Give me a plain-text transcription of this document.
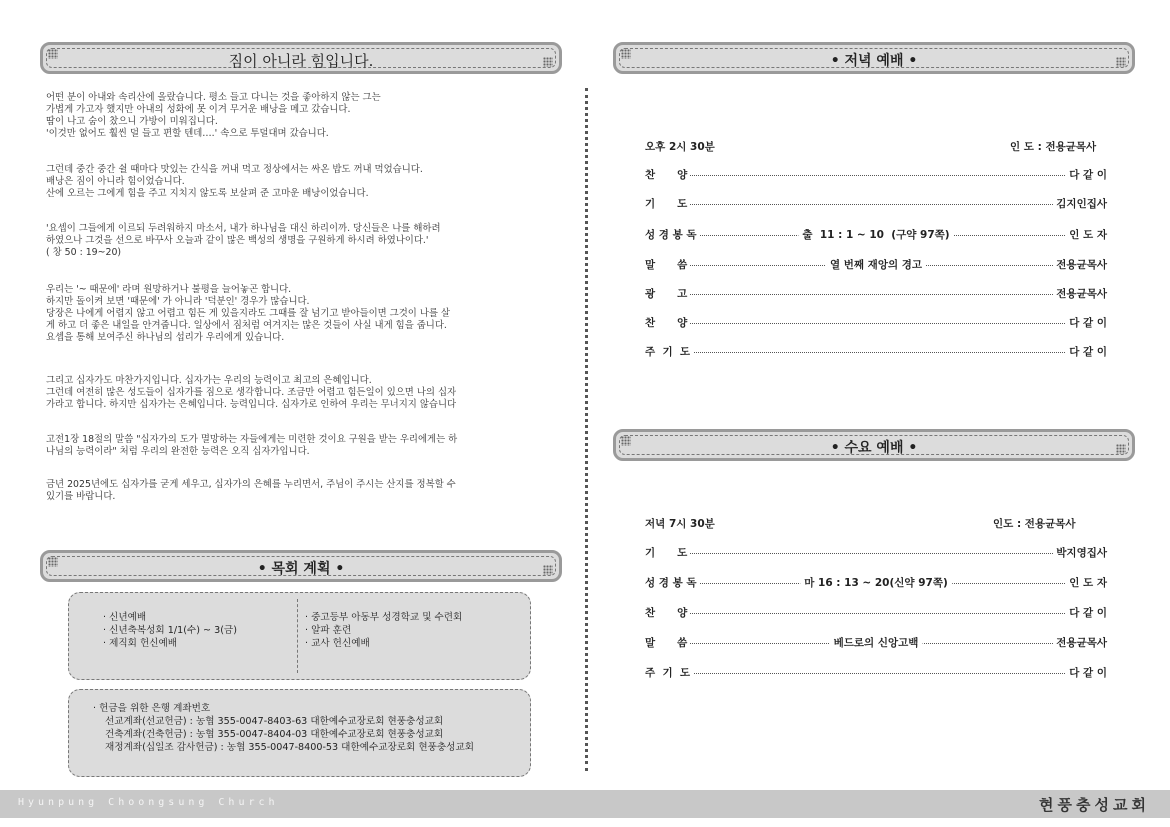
짐이 아니라 힘입니다.
어떤 분이 아내와 속리산에 올랐습니다. 평소 들고 다니는 것을 좋아하지 않는 그는
가볍게 가고자 했지만 아내의 성화에 못 이겨 무거운 배낭을 메고 갔습니다.
땀이 나고 숨이 찼으니 가방이 미워집니다.
'이것만 없어도 훨씬 덜 들고 편할 텐데….' 속으로 투덜대며 갔습니다.
그런데 중간 중간 쉴 때마다 맛있는 간식을 꺼내 먹고 정상에서는 싸온 밥도 꺼내 먹었습니다.
배낭은 짐이 아니라 힘이었습니다.
산에 오르는 그에게 힘을 주고 지치지 않도록 보살펴 준 고마운 배낭이었습니다.
'요셉이 그들에게 이르되 두려워하지 마소서, 내가 하나님을 대신 하리이까. 당신들은 나를 해하려
하였으나 그것을 선으로 바꾸사 오늘과 같이 많은 백성의 생명을 구원하게 하시려 하였나이다.'
( 창 50 : 19~20)
우리는 '~ 때문에' 라며 원망하거나 불평을 늘어놓곤 합니다.
하지만 돌이켜 보면 '때문에' 가 아니라 '덕분인' 경우가 많습니다.
당장은 나에게 어렵지 않고 어렵고 힘든 게 있을지라도 그때를 잘 넘기고 받아들이면 그것이 나를 살
게 하고 더 좋은 내일을 안겨줍니다. 일상에서 짐처럼 여겨지는 많은 것들이 사실 내게 힘을 줍니다.
요셉을 통해 보여주신 하나님의 섭리가 우리에게 있습니다.
그리고 십자가도 마찬가지입니다. 십자가는 우리의 능력이고 최고의 은혜입니다.
그런데 여전히 많은 성도들이 십자가를 짐으로 생각합니다. 조금만 어렵고 힘든일이 있으면 나의 십자
가라고 합니다. 하지만 십자가는 은혜입니다. 능력입니다. 십자가로 인하여 우리는 무너지지 않습니다
고전1장 18절의 말씀 "십자가의 도가 멸망하는 자들에게는 미련한 것이요 구원을 받는 우리에게는 하
나님의 능력이라" 처럼 우리의 완전한 능력은 오직 십자가입니다.
금년 2025년에도 십자가를 굳게 세우고, 십자가의 은혜를 누리면서, 주님이 주시는 산지를 정복할 수
있기를 바랍니다.
• 목회 계획 •
· 신년예배
· 신년축복성회 1/1(수) ~ 3(금)
· 제직회 헌신예배
· 중고등부 아동부 성경학교 및 수련회
· 알파 훈련
· 교사 헌신예배
· 헌금을 위한 은행 계좌번호
선교계좌(선교헌금) : 농협 355-0047-8403-63 대한예수교장로회 현풍충성교회
건축계좌(건축헌금) : 농협 355-0047-8404-03 대한예수교장로회 현풍충성교회
재정계좌(십일조 감사헌금) : 농협 355-0047-8400-53 대한예수교장로회 현풍충성교회
• 저녁 예배 •
오후 2시 30분	인 도 : 전용균목사
찬      양	다 같 이
기      도	김지인집사
성 경 봉 독	출  11 : 1 ~ 10  (구약 97쪽)	인 도 자
말      씀	열 번째 재앙의 경고	전용균목사
광      고	전용균목사
찬      양	다 같 이
주  기  도	다 같 이
• 수요 예배 •
저녁 7시 30분	인도 : 전용균목사
기      도	박지영집사
성 경 봉 독	마 16 : 13 ~ 20(신약 97쪽)	인 도 자
찬      양	다 같 이
말      씀	베드로의 신앙고백	전용균목사
주  기  도	다 같 이
Hyunpung Choongsung Church	현풍충성교회
